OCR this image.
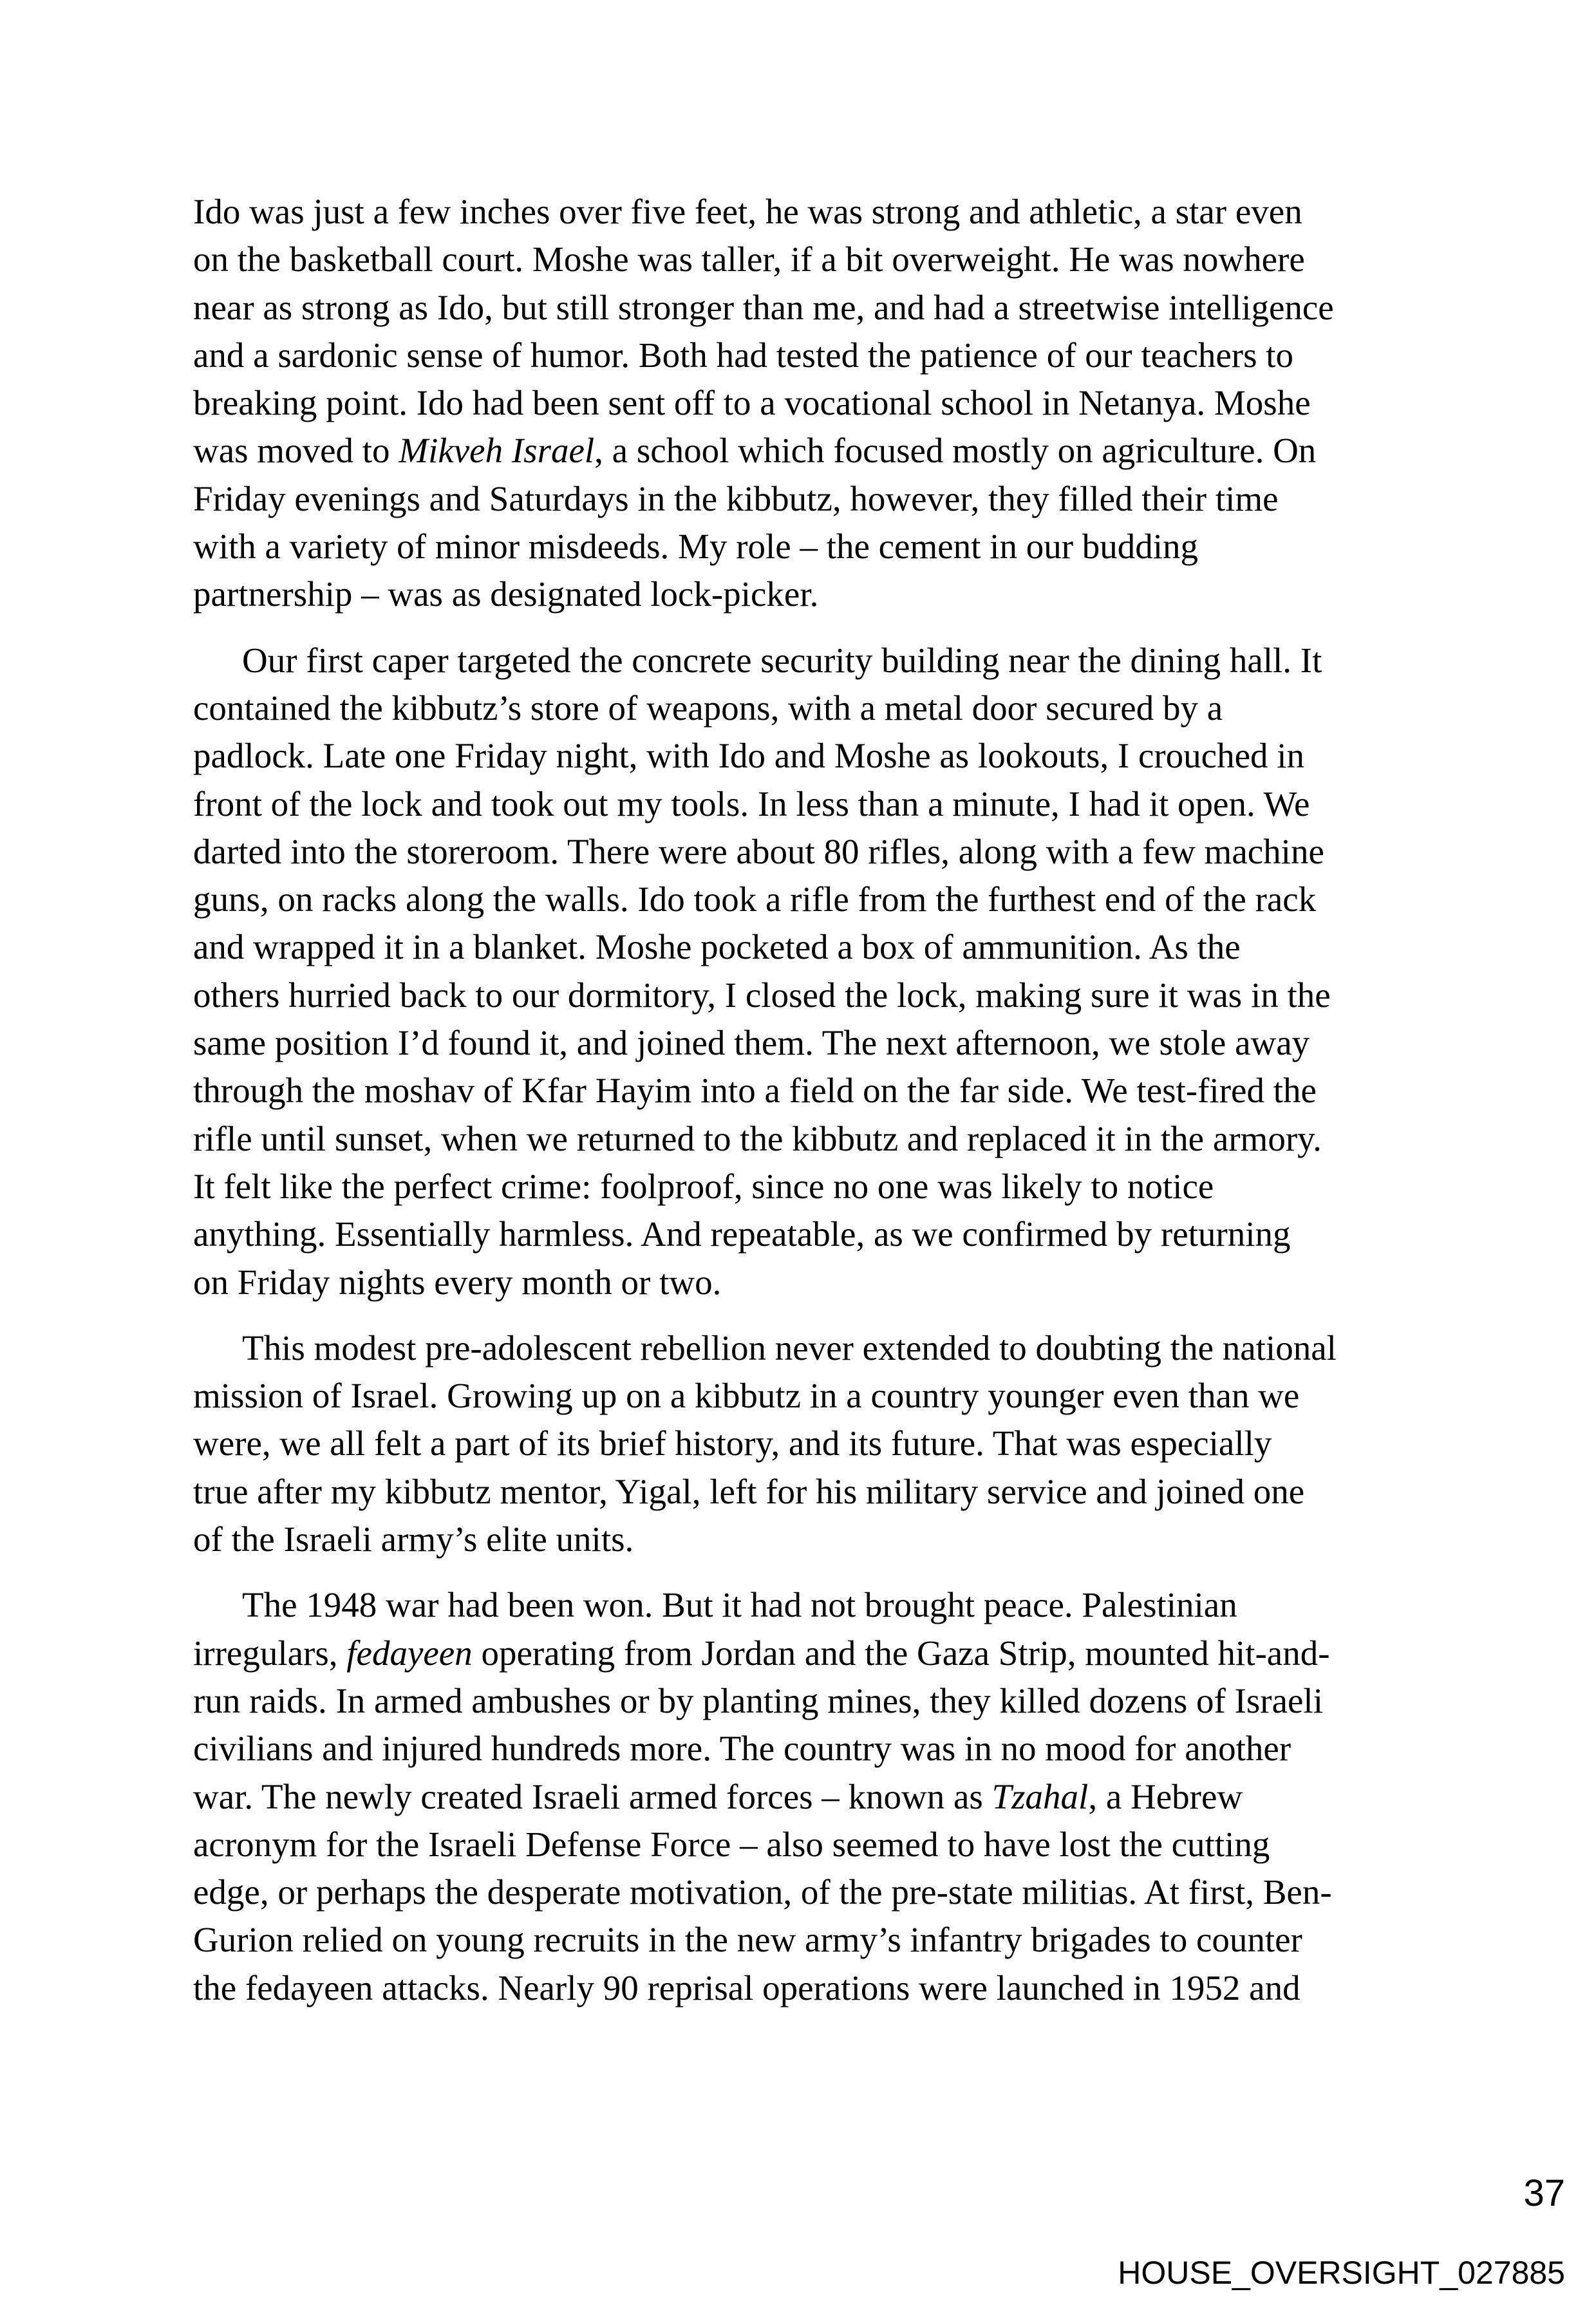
Ido was just a few inches over five feet, he was strong and athletic, a star even
on the basketball court. Moshe was taller, if a bit overweight. He was nowhere
near as strong as Ido, but still stronger than me, and had a streetwise intelligence
and a sardonic sense of humor. Both had tested the patience of our teachers to
breaking point. Ido had been sent off to a vocational school in Netanya. Moshe
was moved to Mikveh Israel, a school which focused mostly on agriculture. On
Friday evenings and Saturdays in the kibbutz, however, they filled their time
with a variety of minor misdeeds. My role – the cement in our budding
partnership – was as designated lock-picker.

Our first caper targeted the concrete security building near the dining hall. It
contained the kibbutz’s store of weapons, with a metal door secured by a
padlock. Late one Friday night, with Ido and Moshe as lookouts, I crouched in
front of the lock and took out my tools. In less than a minute, I had it open. We
darted into the storeroom. There were about 80 rifles, along with a few machine
guns, on racks along the walls. Ido took a rifle from the furthest end of the rack
and wrapped it in a blanket. Moshe pocketed a box of ammunition. As the
others hurried back to our dormitory, I closed the lock, making sure it was in the
same position I’d found it, and joined them. The next afternoon, we stole away
through the moshav of Kfar Hayim into a field on the far side. We test-fired the
rifle until sunset, when we returned to the kibbutz and replaced it in the armory.
It felt like the perfect crime: foolproof, since no one was likely to notice
anything. Essentially harmless. And repeatable, as we confirmed by returning
on Friday nights every month or two.

This modest pre-adolescent rebellion never extended to doubting the national
mission of Israel. Growing up on a kibbutz in a country younger even than we
were, we all felt a part of its brief history, and its future. That was especially
true after my kibbutz mentor, Yigal, left for his military service and joined one
of the Israeli army’s elite units.

The 1948 war had been won. But it had not brought peace. Palestinian
irregulars, fedayeen operating from Jordan and the Gaza Strip, mounted hit-and-
run raids. In armed ambushes or by planting mines, they killed dozens of Israeli
civilians and injured hundreds more. The country was in no mood for another
war. The newly created Israeli armed forces – known as Tzahal, a Hebrew
acronym for the Israeli Defense Force – also seemed to have lost the cutting
edge, or perhaps the desperate motivation, of the pre-state militias. At first, Ben-
Gurion relied on young recruits in the new army’s infantry brigades to counter
the fedayeen attacks. Nearly 90 reprisal operations were launched in 1952 and

37
HOUSE_OVERSIGHT_027885
